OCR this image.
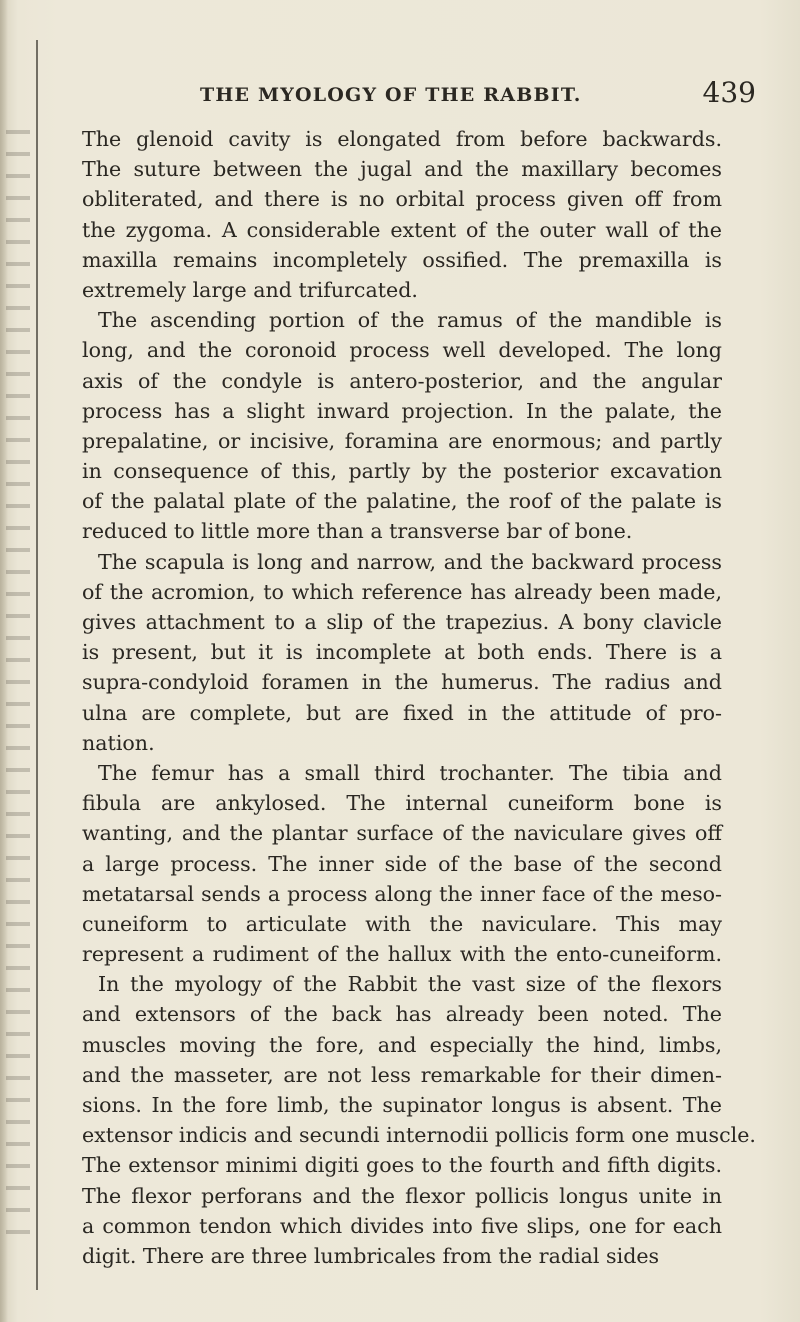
THE MYOLOGY OF THE RABBIT.	439
The glenoid cavity is elongated from before backwards.
The suture between the jugal and the maxillary becomes
obliterated, and there is no orbital process given off from
the zygoma. A considerable extent of the outer wall of the
maxilla remains incompletely ossified. The premaxilla is
extremely large and trifurcated.
The ascending portion of the ramus of the mandible is
long, and the coronoid process well developed. The long
axis of the condyle is antero-posterior, and the angular
process has a slight inward projection. In the palate, the
prepalatine, or incisive, foramina are enormous; and partly
in consequence of this, partly by the posterior excavation
of the palatal plate of the palatine, the roof of the palate is
reduced to little more than a transverse bar of bone.
The scapula is long and narrow, and the backward process
of the acromion, to which reference has already been made,
gives attachment to a slip of the trapezius. A bony clavicle
is present, but it is incomplete at both ends. There is a
supra-condyloid foramen in the humerus. The radius and
ulna are complete, but are fixed in the attitude of pro-
nation.
The femur has a small third trochanter. The tibia and
fibula are ankylosed. The internal cuneiform bone is
wanting, and the plantar surface of the naviculare gives off
a large process. The inner side of the base of the second
metatarsal sends a process along the inner face of the meso-
cuneiform to articulate with the naviculare. This may
represent a rudiment of the hallux with the ento-cuneiform.
In the myology of the Rabbit the vast size of the flexors
and extensors of the back has already been noted. The
muscles moving the fore, and especially the hind, limbs,
and the masseter, are not less remarkable for their dimen-
sions. In the fore limb, the supinator longus is absent. The
extensor indicis and secundi internodii pollicis form one muscle.
The extensor minimi digiti goes to the fourth and fifth digits.
The flexor perforans and the flexor pollicis longus unite in
a common tendon which divides into five slips, one for each
digit. There are three lumbricales from the radial sides
